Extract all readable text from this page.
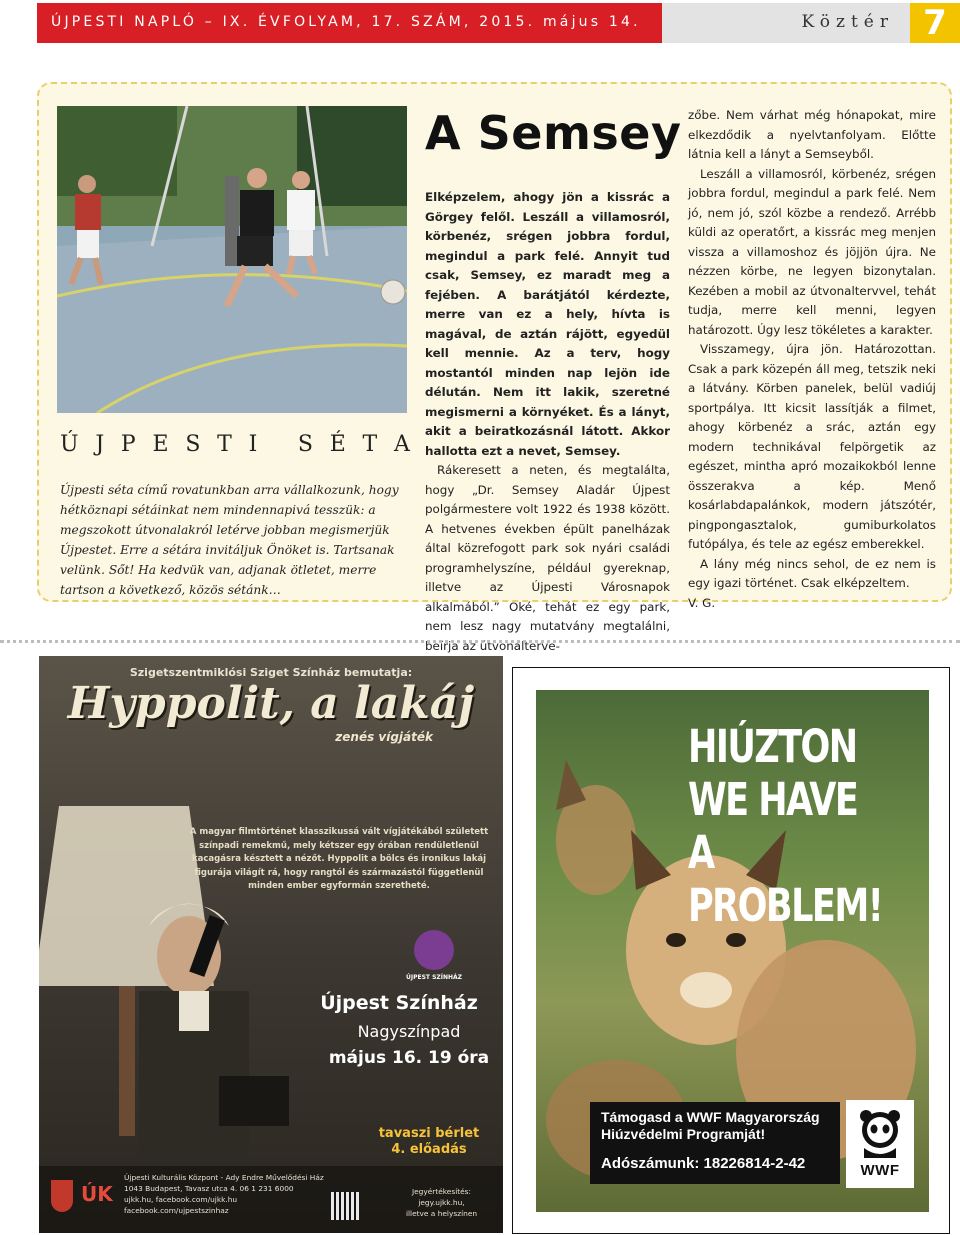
ÚJPESTI NAPLÓ – IX. ÉVFOLYAM, 17. SZÁM, 2015. május 14.	Köztér 7
Ú J P E S T I
S É T A
Újpesti séta című rovatunkban arra vállalkozunk, hogy hétköznapi sétáinkat nem mindennapivá tesszük: a megszokott útvonalakról letérve jobban megismerjük Újpestet. Erre a sétára invitáljuk Önöket is. Tartsanak velünk. Sőt! Ha kedvük van, adjanak ötletet, merre tartson a következő, közös sétánk…
A Semsey

Elképzelem, ahogy jön a kissrác a Görgey felől. Leszáll a villamosról, körbenéz, srégen jobbra fordul, megindul a park felé. Annyit tud csak, Semsey, ez maradt meg a fejében. A barátjától kérdezte, merre van ez a hely, hívta is magával, de aztán rájött, egyedül kell mennie. Az a terv, hogy mostantól minden nap lejön ide délután. Nem itt lakik, szeretné megismerni a környéket. És a lányt, akit a beiratkozásnál látott. Akkor hallotta ezt a nevet, Semsey.

Rákeresett a neten, és megtalálta, hogy „Dr. Semsey Aladár Újpest polgármestere volt 1922 és 1938 között. A hetvenes években épült panelházak által közrefogott park sok nyári családi programhelyszíne, például gyereknap, illetve az Újpesti Városnapok alkalmából.” Oké, tehát ez egy park, nem lesz nagy mutatvány megtalálni, beírja az útvonalterve-

zőbe. Nem várhat még hónapokat, mire elkezdődik a nyelvtanfolyam. Előtte látnia kell a lányt a Semseyből.

Leszáll a villamosról, körbenéz, srégen jobbra fordul, megindul a park felé. Nem jó, nem jó, szól közbe a rendező. Arrébb küldi az operatőrt, a kissrác meg menjen vissza a villamoshoz és jöjjön újra. Ne nézzen körbe, ne legyen bizonytalan. Kezében a mobil az útvonaltervvel, tehát tudja, merre kell menni, legyen határozott. Úgy lesz tökéletes a karakter.

Visszamegy, újra jön. Határozottan. Csak a park közepén áll meg, tetszik neki a látvány. Körben panelek, belül vadiúj sportpálya. Itt kicsit lassítják a filmet, ahogy körbenéz a srác, aztán egy modern technikával felpörgetik az egészet, mintha apró mozaikokból lenne összerakva a kép. Menő kosárlabdapalánkok, modern játszótér, pingpongasztalok, gumiburkolatos futópálya, és tele az egész emberekkel.

A lány még nincs sehol, de ez nem is egy igazi történet. Csak elképzeltem.

V. G.

Szigetszentmiklósi Sziget Színház bemutatja:
Hyppolit, a lakáj
zenés vígjáték
A magyar filmtörténet klasszikussá vált vígjátékából született színpadi remekmű, mely kétszer egy órában rendületlenül kacagásra késztett a nézőt. Hyppolit a bölcs és ironikus lakáj figurája világít rá, hogy rangtól és származástól függetlenül minden ember egyformán szeretheté.
ÚJPEST SZÍNHÁZ
Újpest Színház
Nagyszínpad
május 16. 19 óra
tavaszi bérlet
4. előadás
ÚK
Újpesti Kulturális Központ - Ady Endre Művelődési Ház
1043 Budapest, Tavasz utca 4. 06 1 231 6000
ujkk.hu, facebook.com/ujkk.hu
facebook.com/ujpestszinhaz
Jegyértékesítés:
jegy.ujkk.hu,
illetve a helyszínen
HIÚZTON
WE HAVE
A PROBLEM!
Támogasd a WWF Magyarország
Hiúzvédelmi Programját!
Adószámunk: 18226814-2-42	WWF
